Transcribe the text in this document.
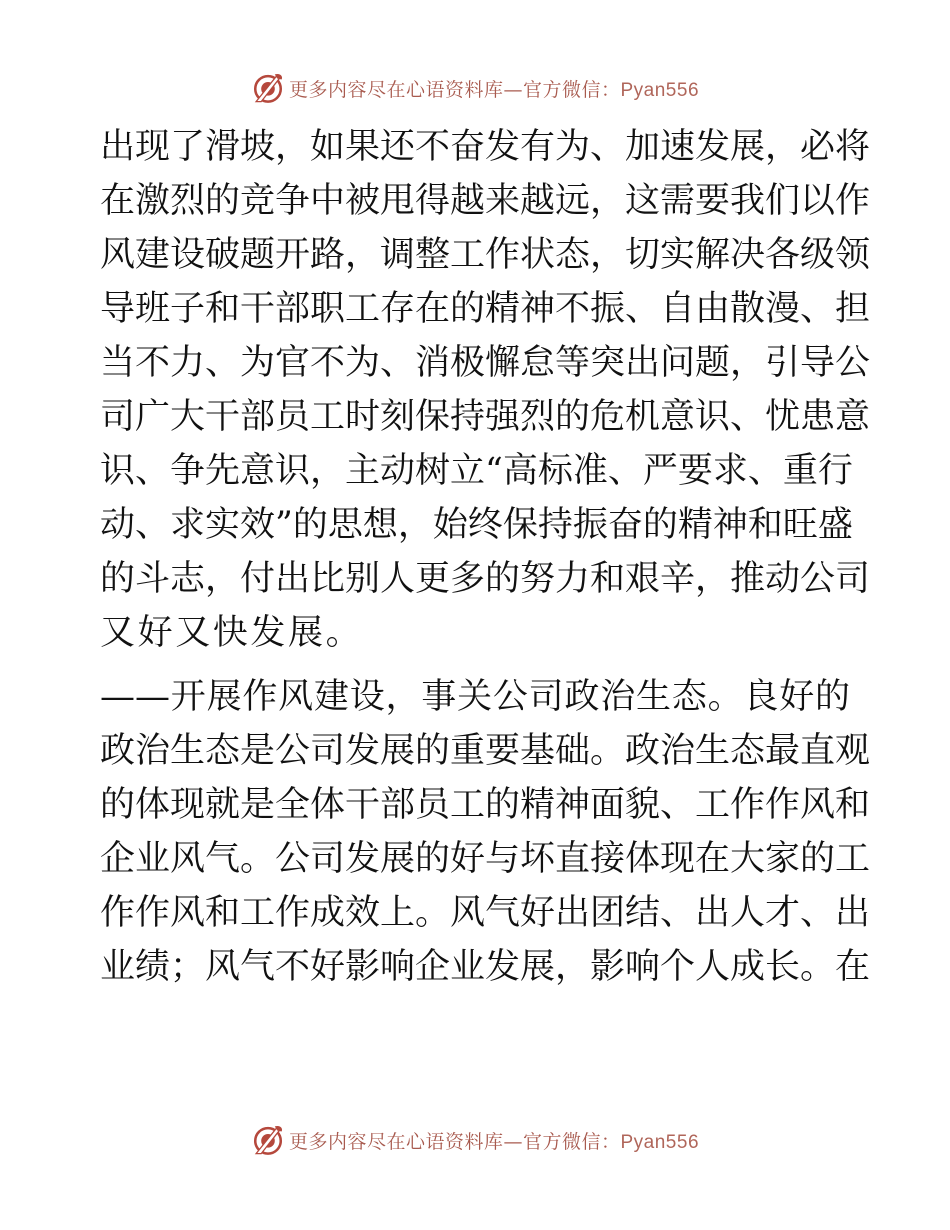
更多内容尽在心语资料库—官方微信：Pyan556
出现了滑坡，如果还不奋发有为、加速发展，必将
在激烈的竞争中被甩得越来越远，这需要我们以作
风建设破题开路，调整工作状态，切实解决各级领
导班子和干部职工存在的精神不振、自由散漫、担
当不力、为官不为、消极懈怠等突出问题，引导公
司广大干部员工时刻保持强烈的危机意识、忧患意
识、争先意识，主动树立“高标准、严要求、重行
动、求实效”的思想，始终保持振奋的精神和旺盛
的斗志，付出比别人更多的努力和艰辛，推动公司
又好又快发展。
——开展作风建设，事关公司政治生态。良好的
政治生态是公司发展的重要基础。政治生态最直观
的体现就是全体干部员工的精神面貌、工作作风和
企业风气。公司发展的好与坏直接体现在大家的工
作作风和工作成效上。风气好出团结、出人才、出
业绩；风气不好影响企业发展，影响个人成长。在
更多内容尽在心语资料库—官方微信：Pyan556
